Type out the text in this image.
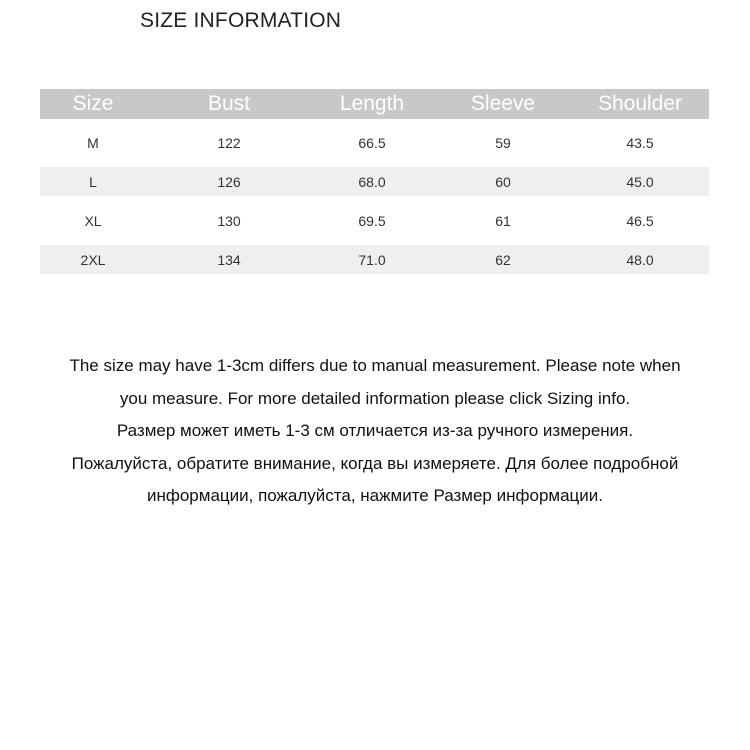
SIZE INFORMATION
Size	Bust	Length	Sleeve	Shoulder
M	122	66.5	59	43.5
L	126	68.0	60	45.0
XL	130	69.5	61	46.5
2XL	134	71.0	62	48.0
The size may have 1-3cm differs due to manual measurement. Please note when
you measure. For more detailed information please click Sizing info.
Размер может иметь 1-3 см отличается из-за ручного измерения.
Пожалуйста, обратите внимание, когда вы измеряете. Для более подробной
информации, пожалуйста, нажмите Размер информации.
